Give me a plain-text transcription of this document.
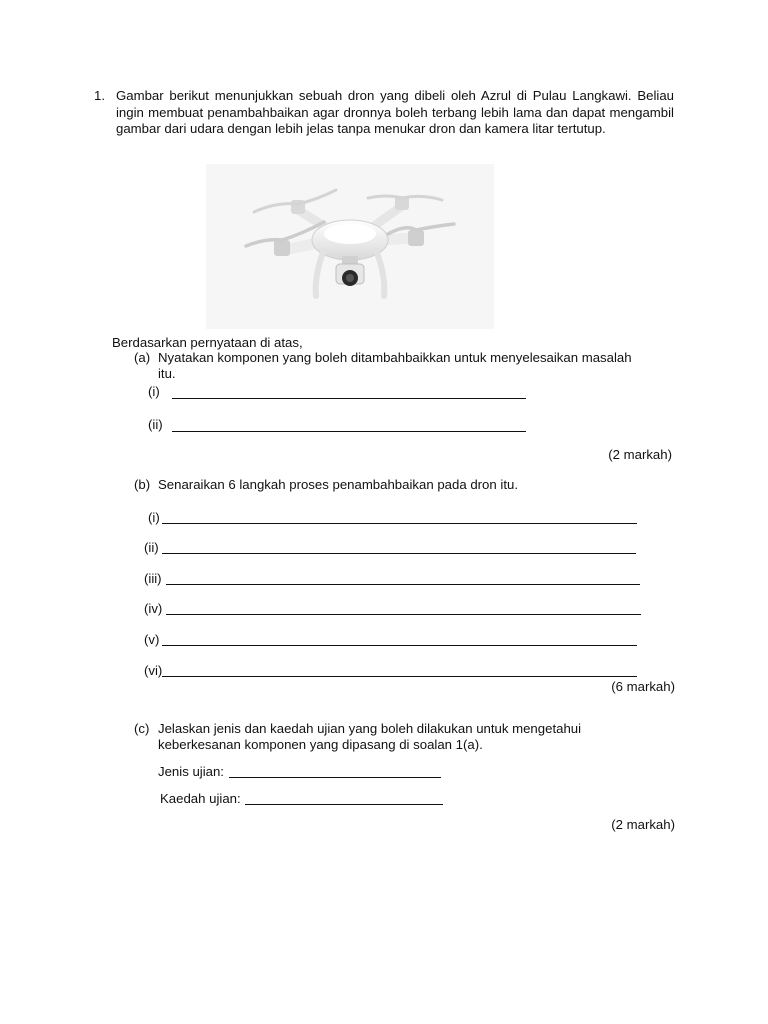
1. Gambar berikut menunjukkan sebuah dron yang dibeli oleh Azrul di Pulau Langkawi. Beliau ingin membuat penambahbaikan agar dronnya boleh terbang lebih lama dan dapat mengambil gambar dari udara dengan lebih jelas tanpa menukar dron dan kamera litar tertutup.
Berdasarkan pernyataan di atas,
(a) Nyatakan komponen yang boleh ditambahbaikkan untuk menyelesaikan masalah
itu.
(i)
(ii)
(2 markah)
(b) Senaraikan 6 langkah proses penambahbaikan pada dron itu.
(i)
(ii)
(iii)
(iv)
(v)
(vi)
(6 markah)
(c) Jelaskan jenis dan kaedah ujian yang boleh dilakukan untuk mengetahui
keberkesanan komponen yang dipasang di soalan 1(a).
Jenis ujian:
Kaedah ujian:
(2 markah)
